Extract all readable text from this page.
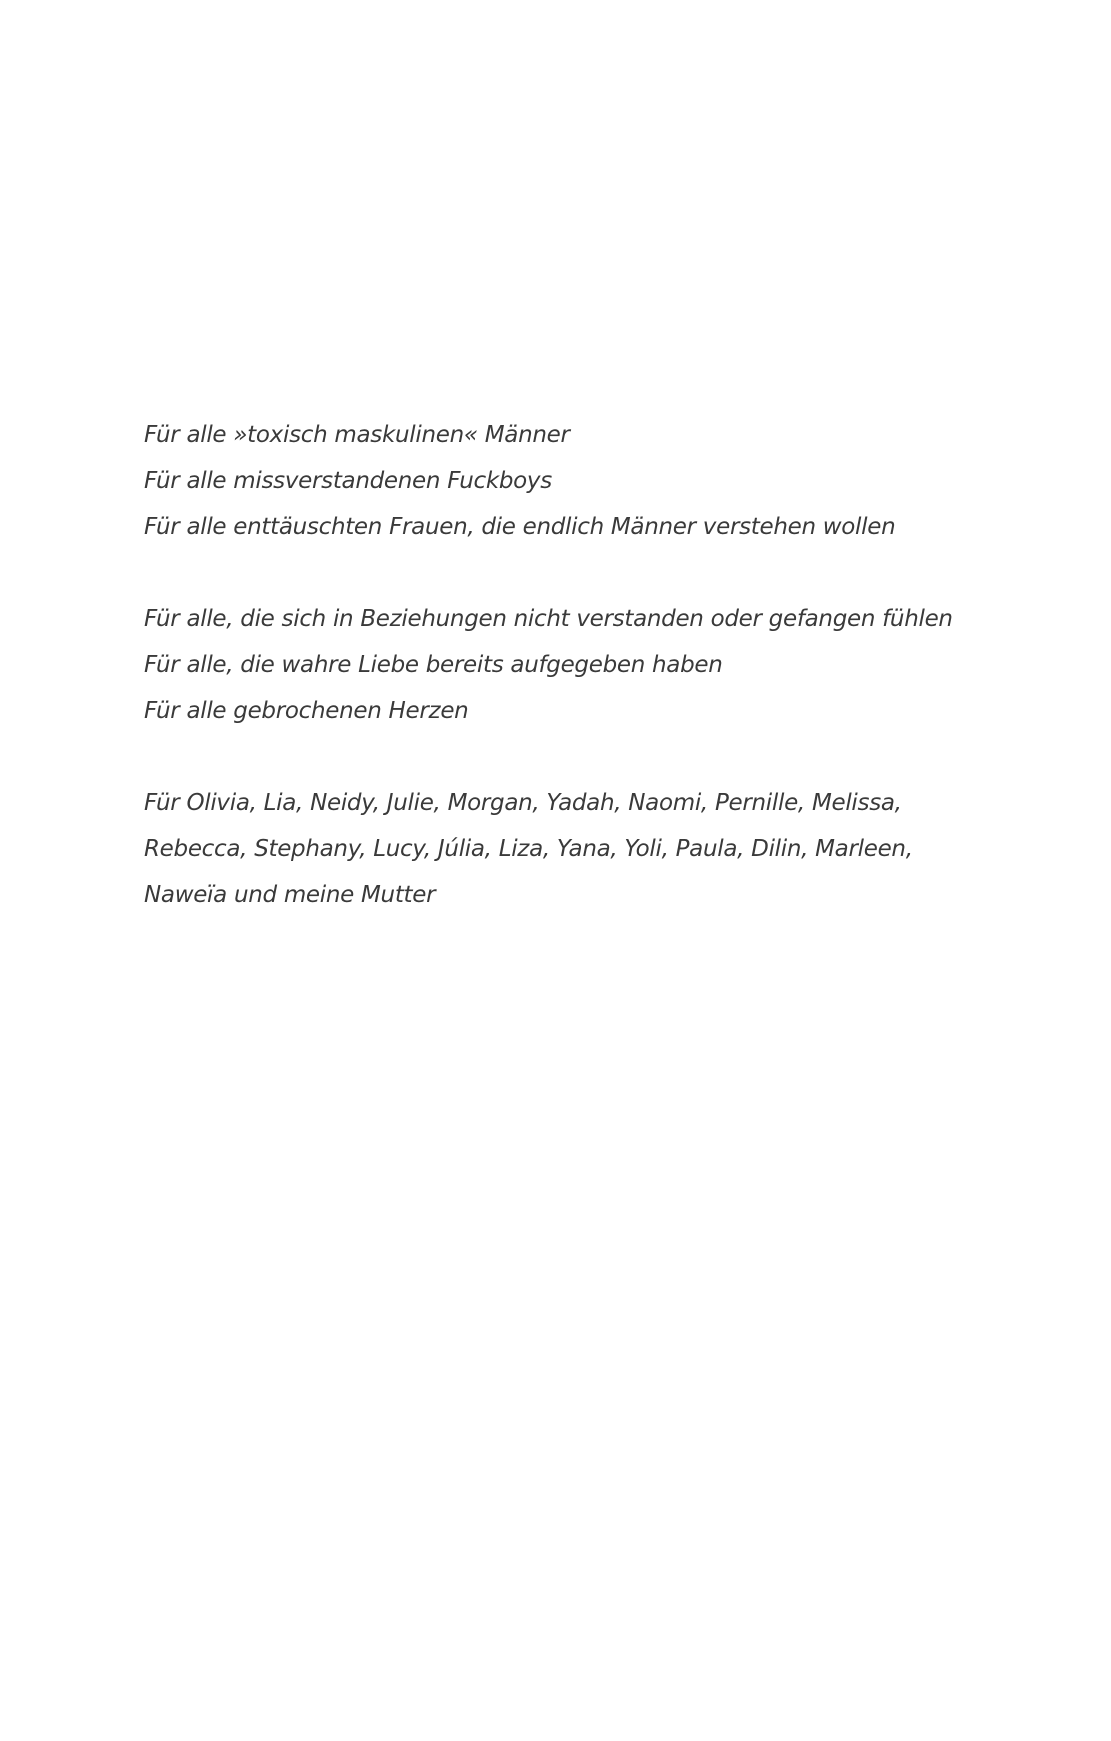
Für alle »toxisch maskulinen« Männer
Für alle missverstandenen Fuckboys
Für alle enttäuschten Frauen, die endlich Männer verstehen wollen
Für alle, die sich in Beziehungen nicht verstanden oder gefangen fühlen
Für alle, die wahre Liebe bereits aufgegeben haben
Für alle gebrochenen Herzen
Für Olivia, Lia, Neidy, Julie, Morgan, Yadah, Naomi, Pernille, Melissa,
Rebecca, Stephany, Lucy, Júlia, Liza, Yana, Yoli, Paula, Dilin, Marleen,
Naweïa und meine Mutter
